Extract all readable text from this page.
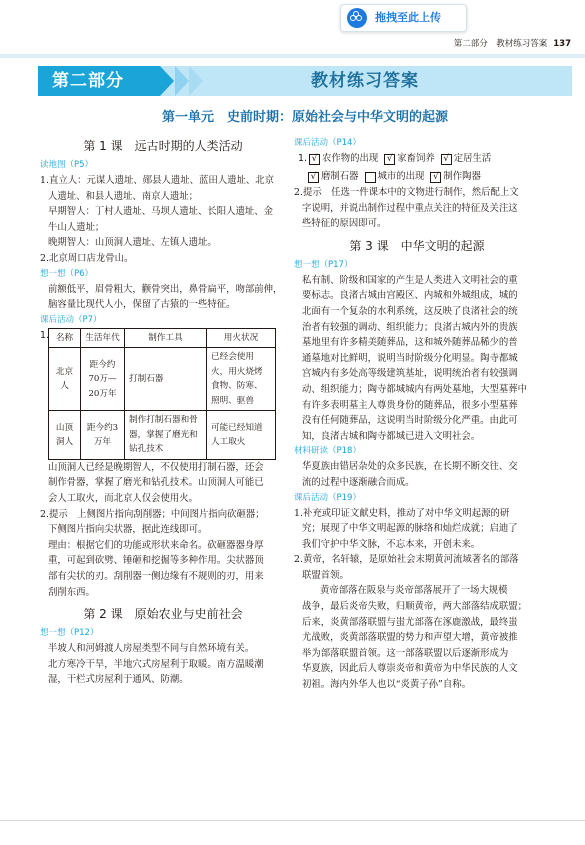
拖拽至此上传
第二部分　教材练习答案 137
第二部分	教材练习答案
第一单元　史前时期：原始社会与中华文明的起源
第 1 课　远古时期的人类活动
读地图（P5）

1.直立人：元谋人遗址、郧县人遗址、蓝田人遗址、北京

人遗址、和县人遗址、南京人遗址；

早期智人：丁村人遗址、马坝人遗址、长阳人遗址、金

牛山人遗址；

晚期智人：山顶洞人遗址、左镇人遗址。

2.北京周口店龙骨山。

想一想（P6）

前额低平，眉骨粗大，颧骨突出，鼻骨扁平，吻部前伸，

脑容量比现代人小，保留了古猿的一些特征。

课后活动（P7）
1. 名称	生活年代	制作工具	用火状况
北京人	距今约70万—20万年	打制石器	已经会使用火，用火烧烤食物、防寒、照明、驱兽
山顶洞人	距今约3万年	制作打制石器和骨器，掌握了磨光和钻孔技术	可能已经知道人工取火

山顶洞人已经是晚期智人，不仅使用打制石器，还会

制作骨器，掌握了磨光和钻孔技术。山顶洞人可能已

会人工取火，而北京人仅会使用火。

2.提示　上侧图片指向刮削器；中间图片指向砍砸器；

下侧图片指向尖状器，据此连线即可。

理由：根据它们的功能或形状来命名。砍砸器器身厚

重，可起到砍劈、锤砸和挖掘等多种作用。尖状器顶

部有尖状的刃。刮削器一侧边缘有不规则的刃，用来

刮削东西。

第 2 课　原始农业与史前社会
想一想（P12）

半坡人和河姆渡人房屋类型不同与自然环境有关。

北方寒冷干旱，半地穴式房屋利于取暖。南方温暖潮

湿，干栏式房屋利于通风、防潮。

课后活动（P14）
1. √ 农作物的出现 √ 家畜饲养 √ 定居生活
√ 磨制石器 城市的出现 √ 制作陶器

2.提示　任选一件课本中的文物进行制作，然后配上文

字说明，并说出制作过程中重点关注的特征及关注这

些特征的原因即可。

第 3 课　中华文明的起源
想一想（P17）

私有制、阶级和国家的产生是人类进入文明社会的重

要标志。良渚古城由宫殿区、内城和外城组成，城的

北面有一个复杂的水利系统，这反映了良渚社会的统

治者有较强的调动、组织能力；良渚古城内外的贵族

墓地里有许多精美随葬品，这和城外随葬品稀少的普

通墓地对比鲜明，说明当时阶级分化明显。陶寺都城

宫城内有多处高等级建筑基址，说明统治者有较强调

动、组织能力；陶寺都城城内有两处墓地，大型墓葬中

有许多表明墓主人尊贵身份的随葬品，很多小型墓葬

没有任何随葬品，这说明当时阶级分化严重。由此可

知，良渚古城和陶寺都城已进入文明社会。

材料研读（P18）

华夏族由错居杂处的众多民族，在长期不断交往、交

流的过程中逐渐融合而成。

课后活动（P19）

1.补充或印证文献史料，推动了对中华文明起源的研

究；展现了中华文明起源的脉络和灿烂成就；启迪了

我们守护中华文脉，不忘本来，开创未来。

2.黄帝，名轩辕，是原始社会末期黄河流域著名的部落

联盟首领。

黄帝部落在阪泉与炎帝部落展开了一场大规模

战争，最后炎帝失败，归顺黄帝，两大部落结成联盟；

后来，炎黄部落联盟与蚩尤部落在涿鹿激战，最终蚩

尤战败，炎黄部落联盟的势力和声望大增，黄帝被推

举为部落联盟首领。这一部落联盟以后逐渐形成为

华夏族，因此后人尊崇炎帝和黄帝为中华民族的人文

初祖。海内外华人也以“炎黄子孙”自称。
